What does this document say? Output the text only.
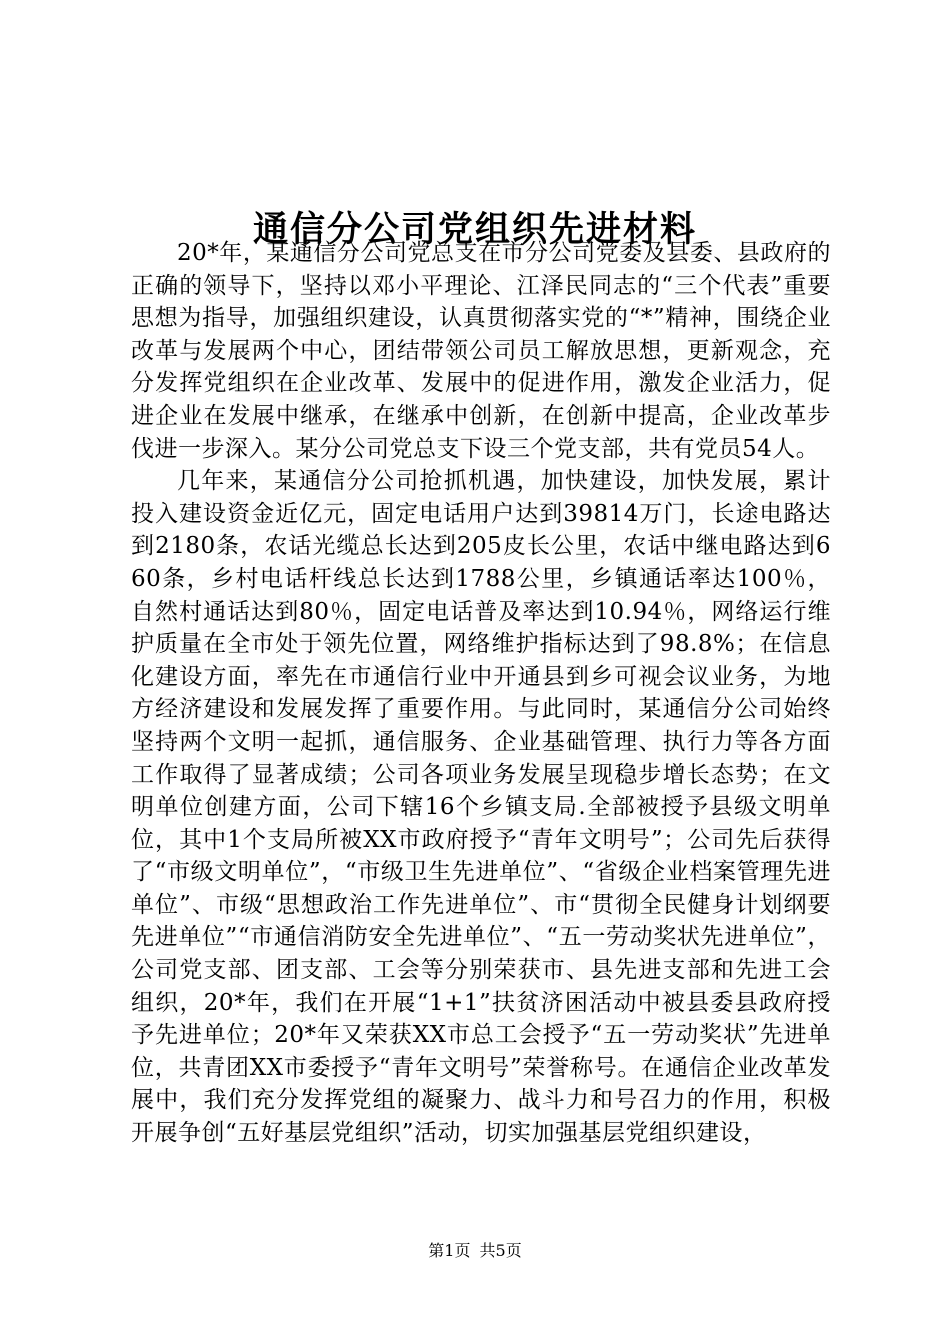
通信分公司党组织先进材料

20*年，某通信分公司党总支在市分公司党委及县委、县政府的正确的领导下，坚持以邓小平理论、江泽民同志的“三个代表”重要思想为指导，加强组织建设，认真贯彻落实党的“*”精神，围绕企业改革与发展两个中心，团结带领公司员工解放思想，更新观念，充分发挥党组织在企业改革、发展中的促进作用，激发企业活力，促进企业在发展中继承，在继承中创新，在创新中提高，企业改革步伐进一步深入。某分公司党总支下设三个党支部，共有党员54人。

几年来，某通信分公司抢抓机遇，加快建设，加快发展，累计投入建设资金近亿元，固定电话用户达到39814万门，长途电路达到2180条，农话光缆总长达到205皮长公里，农话中继电路达到660条，乡村电话杆线总长达到1788公里，乡镇通话率达100％，自然村通话达到80％，固定电话普及率达到10.94％，网络运行维护质量在全市处于领先位置，网络维护指标达到了98.8%；在信息化建设方面，率先在市通信行业中开通县到乡可视会议业务，为地方经济建设和发展发挥了重要作用。与此同时，某通信分公司始终坚持两个文明一起抓，通信服务、企业基础管理、执行力等各方面工作取得了显著成绩；公司各项业务发展呈现稳步增长态势；在文明单位创建方面，公司下辖16个乡镇支局.全部被授予县级文明单位，其中1个支局所被XX市政府授予“青年文明号”；公司先后获得了“市级文明单位”，“市级卫生先进单位”、“省级企业档案管理先进单位”、市级“思想政治工作先进单位”、市“贯彻全民健身计划纲要先进单位”“市通信消防安全先进单位”、“五一劳动奖状先进单位”，公司党支部、团支部、工会等分别荣获市、县先进支部和先进工会组织，20*年，我们在开展“1+1”扶贫济困活动中被县委县政府授予先进单位；20*年又荣获XX市总工会授予“五一劳动奖状”先进单位，共青团XX市委授予“青年文明号”荣誉称号。在通信企业改革发展中，我们充分发挥党组的凝聚力、战斗力和号召力的作用，积极开展争创“五好基层党组织”活动，切实加强基层党组织建设，

第1页 共5页
